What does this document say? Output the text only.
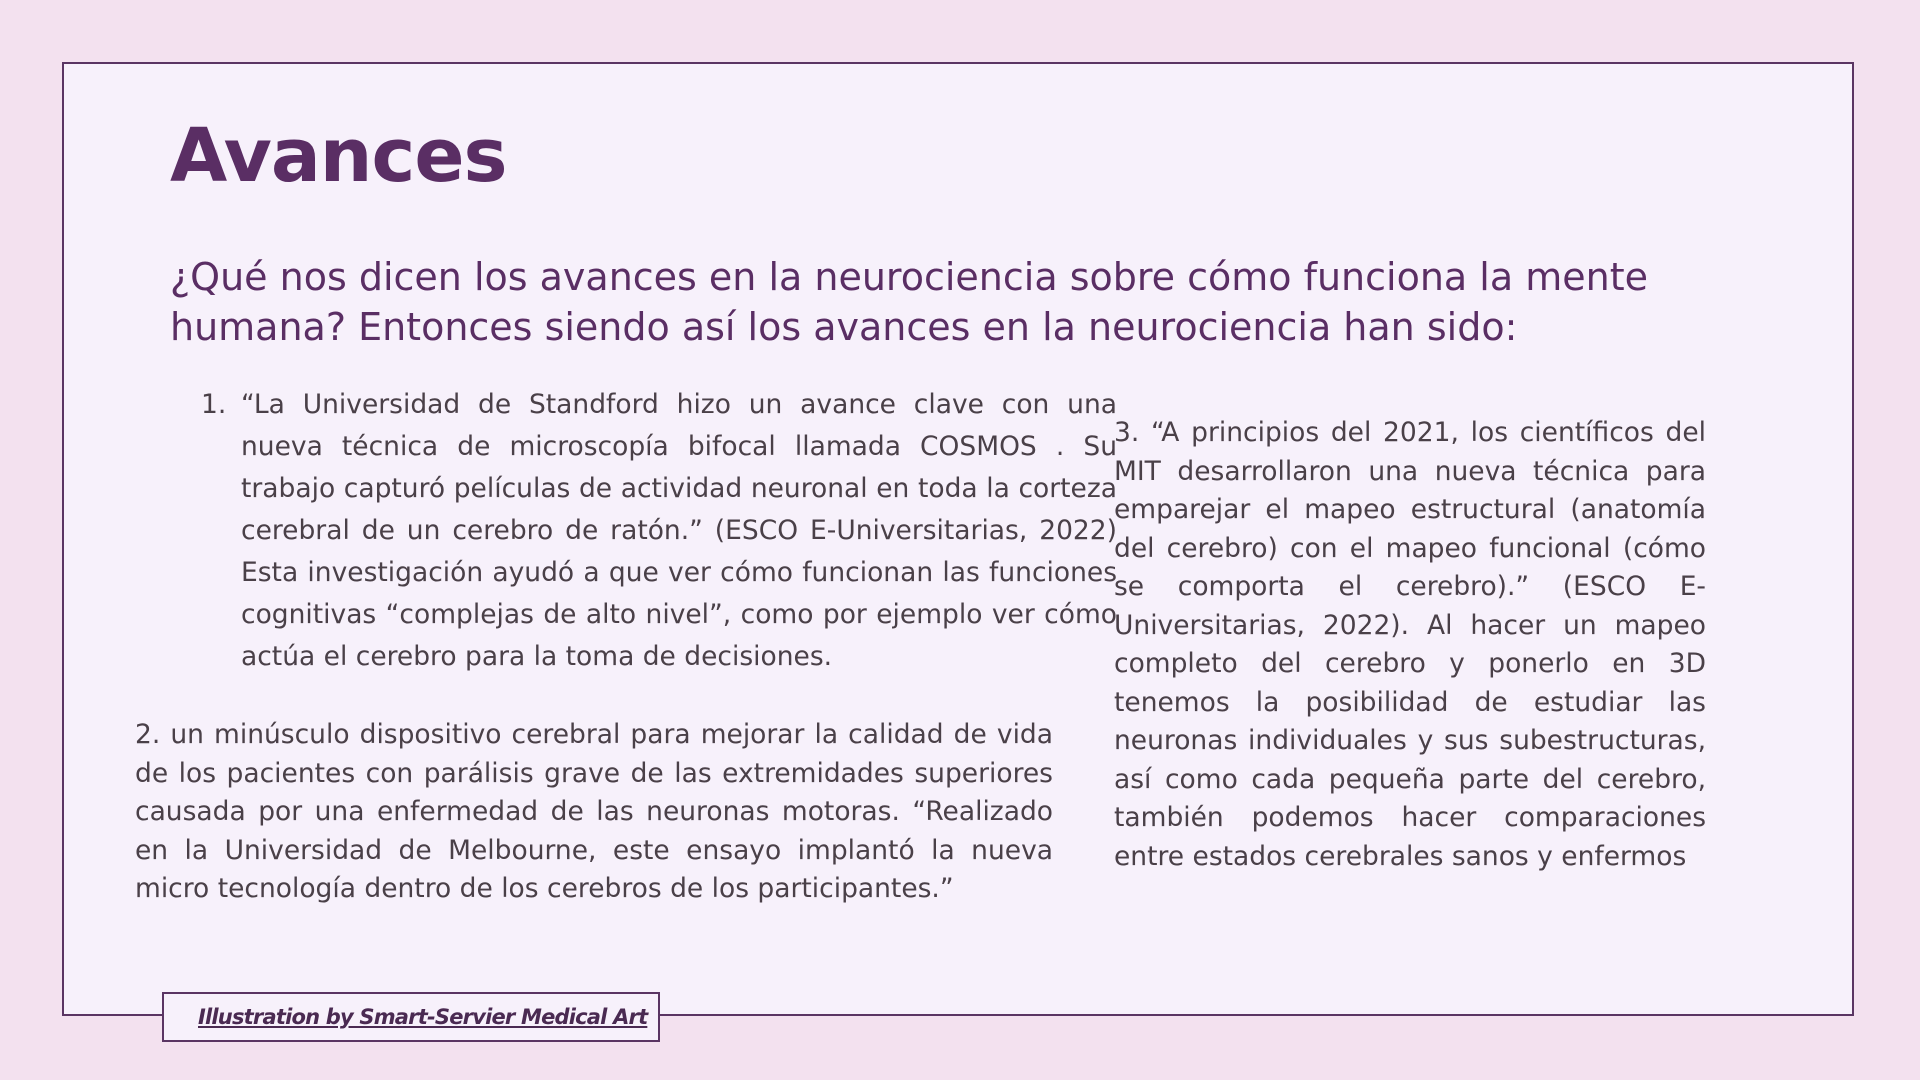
Avances
¿Qué nos dicen los avances en la neurociencia sobre cómo funciona la mente humana? Entonces siendo así los avances en la neurociencia han sido:
1. “La Universidad de Standford hizo un avance clave con una nueva técnica de microscopía bifocal llamada COSMOS . Su trabajo capturó películas de actividad neuronal en toda la corteza cerebral de un cerebro de ratón.” (ESCO E-Universitarias, 2022) Esta investigación ayudó a que ver cómo funcionan las funciones cognitivas “complejas de alto nivel”, como por ejemplo ver cómo actúa el cerebro para la toma de decisiones.

2. un minúsculo dispositivo cerebral para mejorar la calidad de vida de los pacientes con parálisis grave de las extremidades superiores causada por una enfermedad de las neuronas motoras. “Realizado en la Universidad de Melbourne, este ensayo implantó la nueva micro tecnología dentro de los cerebros de los participantes.”

3. “A principios del 2021, los científicos del MIT desarrollaron una nueva técnica para emparejar el mapeo estructural (anatomía del cerebro) con el mapeo funcional (cómo se comporta el cerebro).” (ESCO E-Universitarias, 2022). Al hacer un mapeo completo del cerebro y ponerlo en 3D tenemos la posibilidad de estudiar las neuronas individuales y sus subestructuras, así como cada pequeña parte del cerebro, también podemos hacer comparaciones entre estados cerebrales sanos y enfermos

Illustration by Smart-Servier Medical Art
